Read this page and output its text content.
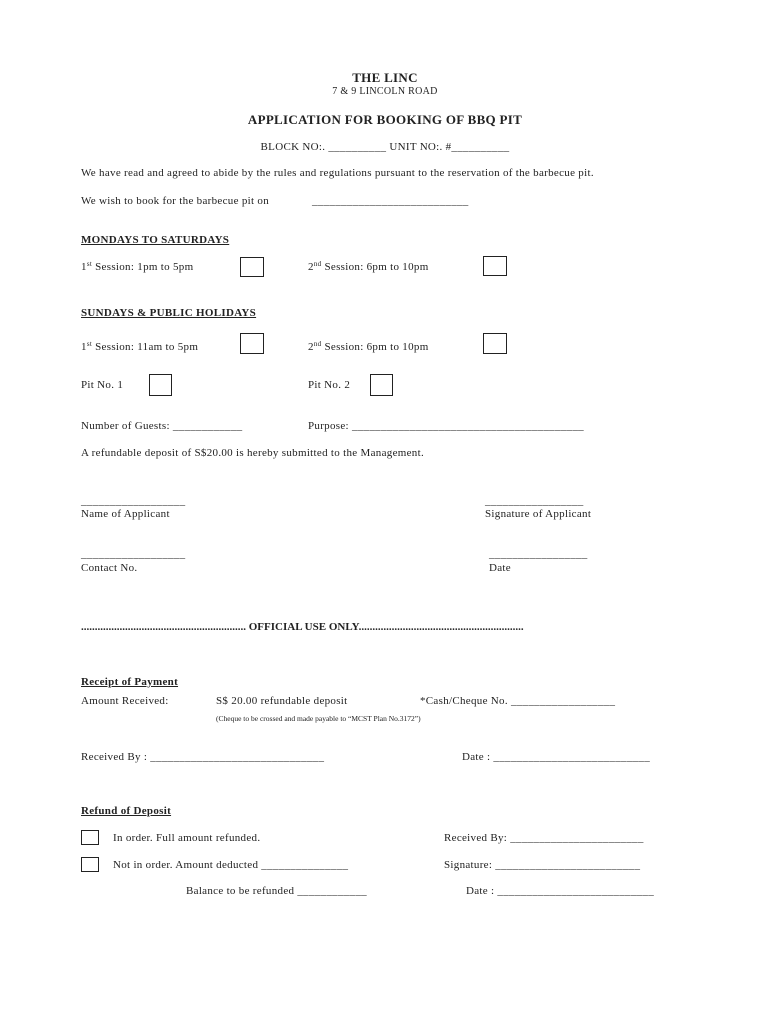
THE LINC
7 & 9 LINCOLN ROAD
APPLICATION FOR BOOKING OF BBQ PIT
BLOCK NO:. __________ UNIT NO:. #__________
We have read and agreed to abide by the rules and regulations pursuant to the reservation of the barbecue pit.
We wish to book for the barbecue pit on	___________________________
MONDAYS TO SATURDAYS
1st Session: 1pm to 5pm	2nd Session: 6pm to 10pm
SUNDAYS & PUBLIC HOLIDAYS
1st Session: 11am to 5pm	2nd Session: 6pm to 10pm
Pit No. 1	Pit No. 2
Number of Guests: ____________	Purpose: ________________________________________
A refundable deposit of S$20.00 is hereby submitted to the Management.
__________________
Name of Applicant
_________________
Signature of Applicant
__________________
Contact No.
_________________
Date
............................................................ OFFICIAL USE ONLY............................................................
Receipt of Payment
Amount Received:	S$ 20.00 refundable deposit	*Cash/Cheque No. __________________
(Cheque to be crossed and made payable to “MCST Plan No.3172”)
Received By : ______________________________	Date : ___________________________
Refund of Deposit
In order. Full amount refunded.	Received By: _______________________
Not in order. Amount deducted _______________	Signature: _________________________
Balance to be refunded ____________	Date : ___________________________
